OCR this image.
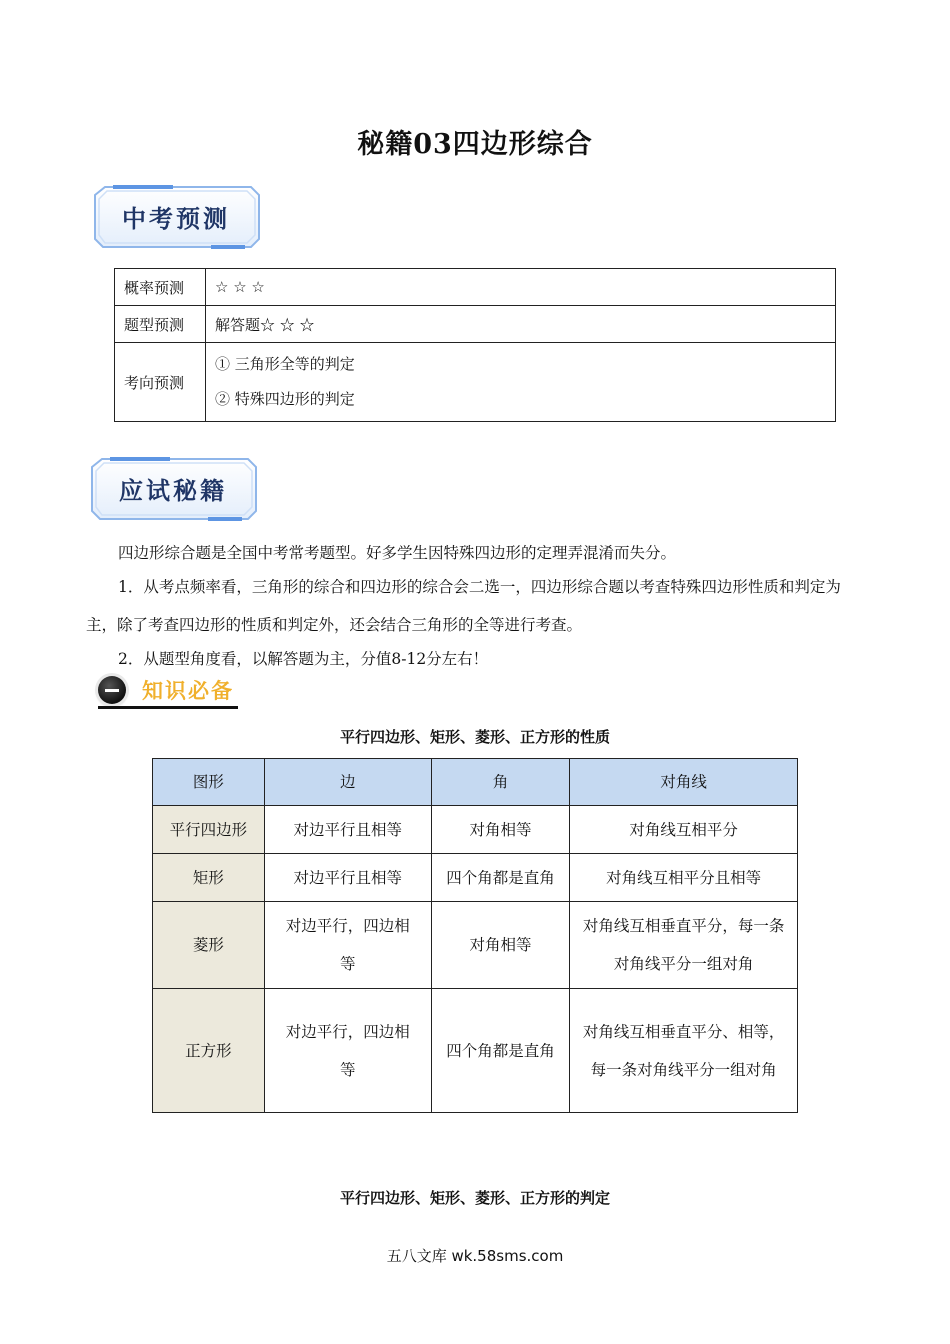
秘籍03四边形综合
中考预测
概率预测	☆ ☆ ☆
题型预测	解答题☆ ☆ ☆
考向预测	① 三角形全等的判定
② 特殊四边形的判定
应试秘籍
四边形综合题是全国中考常考题型。好多学生因特殊四边形的定理弄混淆而失分。
1．从考点频率看，三角形的综合和四边形的综合会二选一，四边形综合题以考查特殊四边形性质和判定为主，除了考查四边形的性质和判定外，还会结合三角形的全等进行考查。
2．从题型角度看，以解答题为主，分值8-12分左右！
知识必备
平行四边形、矩形、菱形、正方形的性质
图形	边	角	对角线
平行四边形	对边平行且相等	对角相等	对角线互相平分
矩形	对边平行且相等	四个角都是直角	对角线互相平分且相等
菱形	对边平行，四边相等	对角相等	对角线互相垂直平分，每一条对角线平分一组对角
正方形	对边平行，四边相等	四个角都是直角	对角线互相垂直平分、相等，每一条对角线平分一组对角
平行四边形、矩形、菱形、正方形的判定
五八文库 wk.58sms.com
